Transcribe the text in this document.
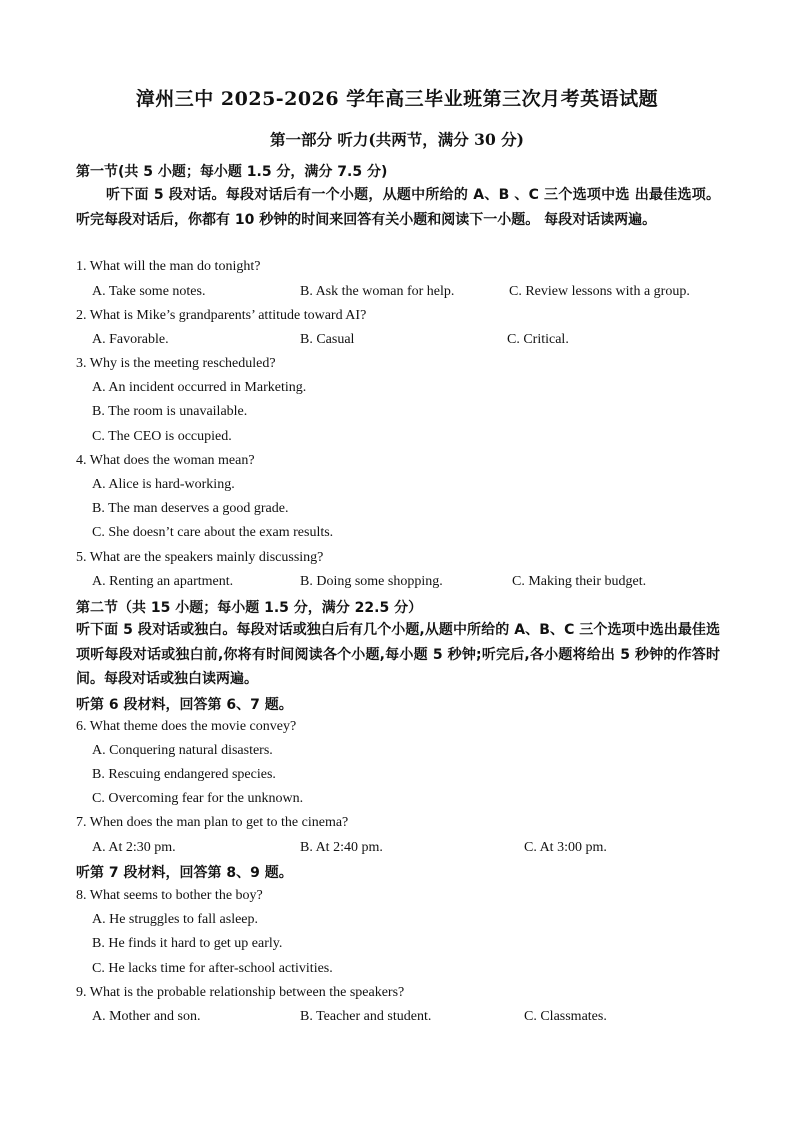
漳州三中 2025-2026 学年高三毕业班第三次月考英语试题
第一部分 听力(共两节，满分 30 分)
第一节(共 5 小题；每小题 1.5 分，满分 7.5 分)
听下面 5 段对话。每段对话后有一个小题，从题中所给的 A、B 、C 三个选项中选 出最佳选项。听完每段对话后，你都有 10 秒钟的时间来回答有关小题和阅读下一小题。 每段对话读两遍。
1. What will the man do tonight?
A. Take some notes.	B. Ask the woman for help.	C. Review lessons with a group.
2. What is Mike’s grandparents’ attitude toward AI?
A. Favorable.	B. Casual	C. Critical.
3. Why is the meeting rescheduled?
A. An incident occurred in Marketing.
B. The room is unavailable.
C. The CEO is occupied.
4. What does the woman mean?
A. Alice is hard-working.
B. The man deserves a good grade.
C. She doesn’t care about the exam results.
5. What are the speakers mainly discussing?
A. Renting an apartment.	B. Doing some shopping.	C. Making their budget.
第二节（共 15 小题；每小题 1.5 分，满分 22.5 分）
听下面 5 段对话或独白。每段对话或独白后有几个小题,从题中所给的 A、B、C 三个选项中选出最佳选项听每段对话或独白前,你将有时间阅读各个小题,每小题 5 秒钟;听完后,各小题将给出 5 秒钟的作答时间。每段对话或独白读两遍。
听第 6 段材料，回答第 6、7 题。
6. What theme does the movie convey?
A. Conquering natural disasters.
B. Rescuing endangered species.
C. Overcoming fear for the unknown.
7. When does the man plan to get to the cinema?
A. At 2:30 pm.	B. At 2:40 pm.	C. At 3:00 pm.
听第 7 段材料，回答第 8、9 题。
8. What seems to bother the boy?
A. He struggles to fall asleep.
B. He finds it hard to get up early.
C. He lacks time for after-school activities.
9. What is the probable relationship between the speakers?
A. Mother and son.	B. Teacher and student.	C. Classmates.
